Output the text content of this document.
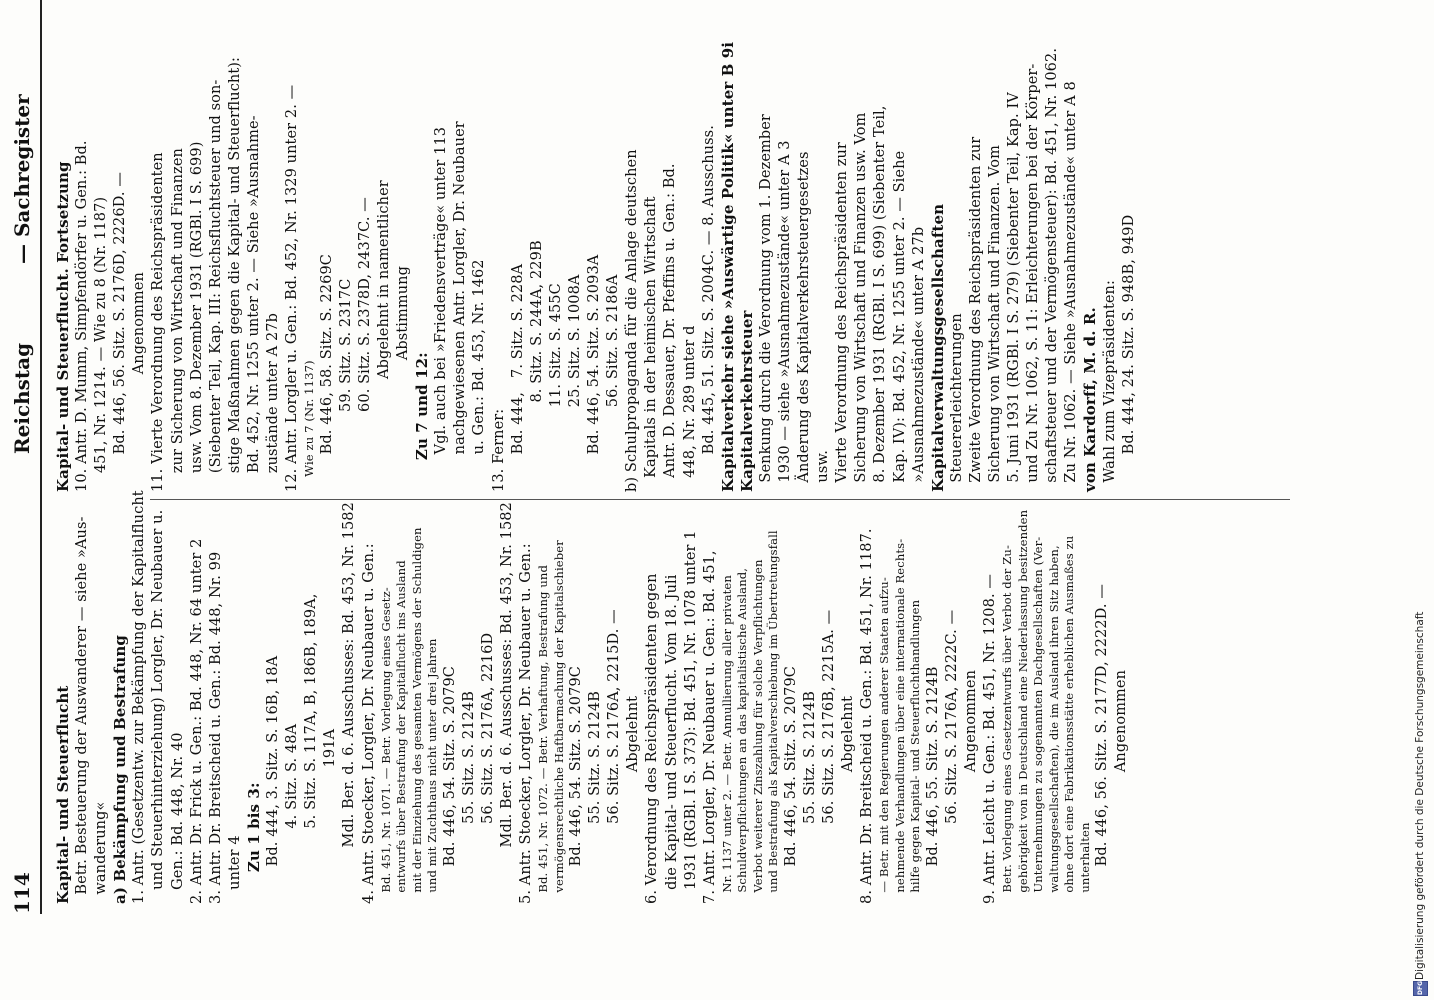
114
Reichstag
— Sachregister
Kapital- und Steuerflucht Betr. Besteuerung der Auswanderer — siehe »Aus- wanderung« a) Bekämpfung und Bestrafung 1. Antr. (Gesetzentw. zur Bekämpfung der Kapitalflucht und Steuerhinterziehung) Lorgler, Dr. Neubauer u. Gen.: Bd. 448, Nr. 40 2. Antr. Dr. Frick u. Gen.: Bd. 448, Nr. 64 unter 2 3. Antr. Dr. Breitscheid u. Gen.: Bd. 448, Nr. 99 unter 4 Zu 1 bis 3: Bd. 444, 3. Sitz. S. 16B, 18A 4. Sitz. S. 48A 5. Sitz. S. 117A, B, 186B, 189A, 191A Mdl. Ber. d. 6. Ausschusses: Bd. 453, Nr. 1582 4. Antr. Stoecker, Lorgler, Dr. Neubauer u. Gen.: Bd. 451, Nr. 1071. — Betr. Vorlegung eines Gesetz- entwurfs über Bestrafung der Kapitalflucht ins Ausland mit der Einziehung des gesamten Vermögens der Schuldigen und mit Zuchthaus nicht unter drei Jahren Bd. 446, 54. Sitz. S. 2079C 55. Sitz. S. 2124B 56. Sitz. S. 2176A, 2216D Mdl. Ber. d. 6. Ausschusses: Bd. 453, Nr. 1582 5. Antr. Stoecker, Lorgler, Dr. Neubauer u. Gen.: Bd. 451, Nr. 1072. — Betr. Verhaftung, Bestrafung und vermögensrechtliche Haftbarmachung der Kapitalschieber Bd. 446, 54. Sitz. S. 2079C 55. Sitz. S. 2124B 56. Sitz. S. 2176A, 2215D. — Abgelehnt 6. Verordnung des Reichspräsidenten gegen die Kapital- und Steuerflucht. Vom 18. Juli 1931 (RGBl. I S. 373): Bd. 451, Nr. 1078 unter 1 7. Antr. Lorgler, Dr. Neubauer u. Gen.: Bd. 451, Nr. 1137 unter 2. — Betr. Annullierung aller privaten Schuldverpflichtungen an das kapitalistische Ausland, Verbot weiterer Zinszahlung für solche Verpflichtungen und Bestrafung als Kapitalverschiebung im Übertretungsfall Bd. 446, 54. Sitz. S. 2079C 55. Sitz. S. 2124B 56. Sitz. S. 2176B, 2215A. — Abgelehnt 8. Antr. Dr. Breitscheid u. Gen.: Bd. 451, Nr. 1187. — Betr. mit den Regierungen anderer Staaten aufzu- nehmende Verhandlungen über eine internationale Rechts- hilfe gegen Kapital- und Steuerfluchthandlungen Bd. 446, 55. Sitz. S. 2124B 56. Sitz. S. 2176A, 2222C. — Angenommen 9. Antr. Leicht u. Gen.: Bd. 451, Nr. 1208. — Betr. Vorlegung eines Gesetzentwurfs über Verbot der Zu- gehörigkeit von in Deutschland eine Niederlassung besitzenden Unternehmungen zu sogenannten Dachgesellschaften (Ver- waltungsgesellschaften), die im Ausland ihren Sitz haben, ohne dort eine Fabrikationsstätte erheblichen Ausmaßes zu unterhalten Bd. 446, 56. Sitz. S. 2177D, 2222D. — Angenommen
Kapital- und Steuerflucht. Fortsetzung 10. Antr. D. Mumm, Simpfendörfer u. Gen.: Bd. 451, Nr. 1214. — Wie zu 8 (Nr. 1187) Bd. 446, 56. Sitz. S. 2176D, 2226D. — Angenommen 11. Vierte Verordnung des Reichspräsidenten zur Sicherung von Wirtschaft und Finanzen usw. Vom 8. Dezember 1931 (RGBl. I S. 699) (Siebenter Teil, Kap. III: Reichsfluchtsteuer und son- stige Maßnahmen gegen die Kapital- und Steuerflucht): Bd. 452, Nr. 1255 unter 2. — Siehe »Ausnahme- zustände unter A 27b 12. Antr. Lorgler u. Gen.: Bd. 452, Nr. 1329 unter 2. — Wie zu 7 (Nr. 1137) Bd. 446, 58. Sitz. S. 2269C 59. Sitz. S. 2317C 60. Sitz. S. 2378D, 2437C. — Abgelehnt in namentlicher Abstimmung Zu 7 und 12: Vgl. auch bei »Friedensverträge« unter 113 nachgewiesenen Antr. Lorgler, Dr. Neubauer u. Gen.: Bd. 453, Nr. 1462 13. Ferner: Bd. 444,   7. Sitz. S. 228A 8. Sitz. S. 244A, 229B 11. Sitz. S. 455C 25. Sitz. S. 1008A Bd. 446, 54. Sitz. S. 2093A 56. Sitz. S. 2186A b) Schulpropaganda für die Anlage deutschen Kapitals in der heimischen Wirtschaft Antr. D. Dessauer, Dr. Pfeffins u. Gen.: Bd. 448, Nr. 289 unter d Bd. 445, 51. Sitz. S. 2004C. — 8. Ausschuss. Kapitalverkehr siehe »Auswärtige Politik« unter B 9i Kapitalverkehrsteuer Senkung durch die Verordnung vom 1. Dezember 1930 — siehe »Ausnahmezustände« unter A 3 Änderung des Kapitalverkehrsteuergesetzes usw. Vierte Verordnung des Reichspräsidenten zur Sicherung von Wirtschaft und Finanzen usw. Vom 8. Dezember 1931 (RGBl. I S. 699) (Siebenter Teil, Kap. IV): Bd. 452, Nr. 1255 unter 2. — Siehe »Ausnahmezustände« unter A 27b Kapitalverwaltungsgesellschaften Steuererleichterungen Zweite Verordnung des Reichspräsidenten zur Sicherung von Wirtschaft und Finanzen. Vom 5. Juni 1931 (RGBl. I S. 279) (Siebenter Teil, Kap. IV und Zu Nr. 1062, S. 11: Erleichterungen bei der Körper- schaftsteuer und der Vermögensteuer): Bd. 451, Nr. 1062. Zu Nr. 1062. — Siehe »Ausnahmezustände« unter A 8 von Kardorff, M. d. R. Wahl zum Vizepräsidenten: Bd. 444, 24. Sitz. S. 948B, 949D
DFG
Digitalisierung gefördert durch die Deutsche Forschungsgemeinschaft
